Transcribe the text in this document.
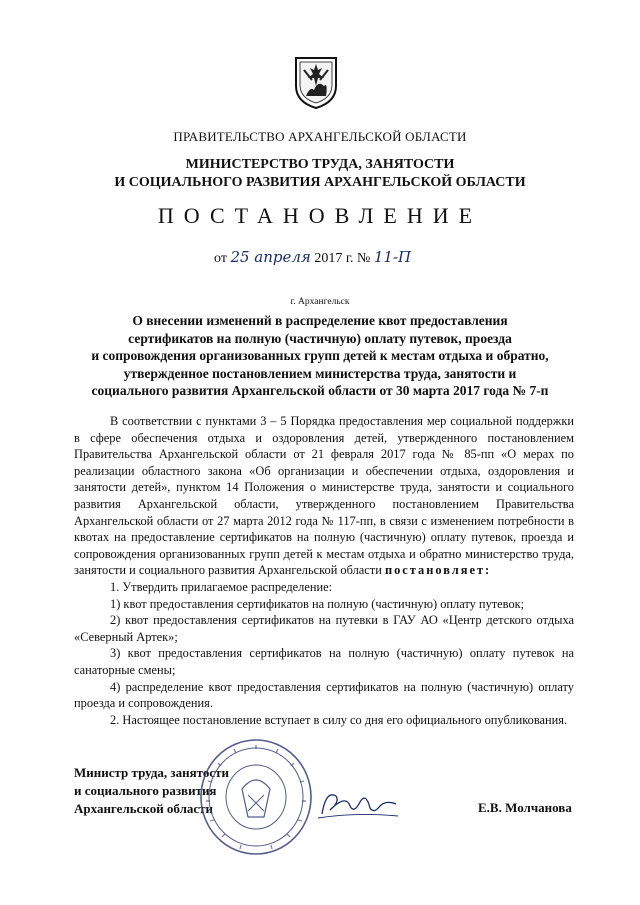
ПРАВИТЕЛЬСТВО АРХАНГЕЛЬСКОЙ ОБЛАСТИ
МИНИСТЕРСТВО ТРУДА, ЗАНЯТОСТИ
И СОЦИАЛЬНОГО РАЗВИТИЯ АРХАНГЕЛЬСКОЙ ОБЛАСТИ
ПОСТАНОВЛЕНИЕ
от 25 апреля 2017 г. № 11-П
г. Архангельск
О внесении изменений в распределение квот предоставления
сертификатов на полную (частичную) оплату путевок, проезда
и сопровождения организованных групп детей к местам отдыха и обратно,
утвержденное постановлением министерства труда, занятости и
социального развития Архангельской области от 30 марта 2017 года № 7-п

В соответствии с пунктами 3 – 5 Порядка предоставления мер социальной поддержки в сфере обеспечения отдыха и оздоровления детей, утвержденного постановлением Правительства Архангельской области от 21 февраля 2017 года № 85-пп «О мерах по реализации областного закона «Об организации и обеспечении отдыха, оздоровления и занятости детей», пунктом 14 Положения о министерстве труда, занятости и социального развития Архангельской области, утвержденного постановлением Правительства Архангельской области от 27 марта 2012 года № 117-пп, в связи с изменением потребности в квотах на предоставление сертификатов на полную (частичную) оплату путевок, проезда и сопровождения организованных групп детей к местам отдыха и обратно министерство труда, занятости и социального развития Архангельской области постановляет:

1. Утвердить прилагаемое распределение:

1) квот предоставления сертификатов на полную (частичную) оплату путевок;

2) квот предоставления сертификатов на путевки в ГАУ АО «Центр детского отдыха «Северный Артек»;

3) квот предоставления сертификатов на полную (частичную) оплату путевок на санаторные смены;

4) распределение квот предоставления сертификатов на полную (частичную) оплату проезда и сопровождения.

2. Настоящее постановление вступает в силу со дня его официального опубликования.

Министр труда, занятости
и социального развития
Архангельской области	Е.В. Молчанова
